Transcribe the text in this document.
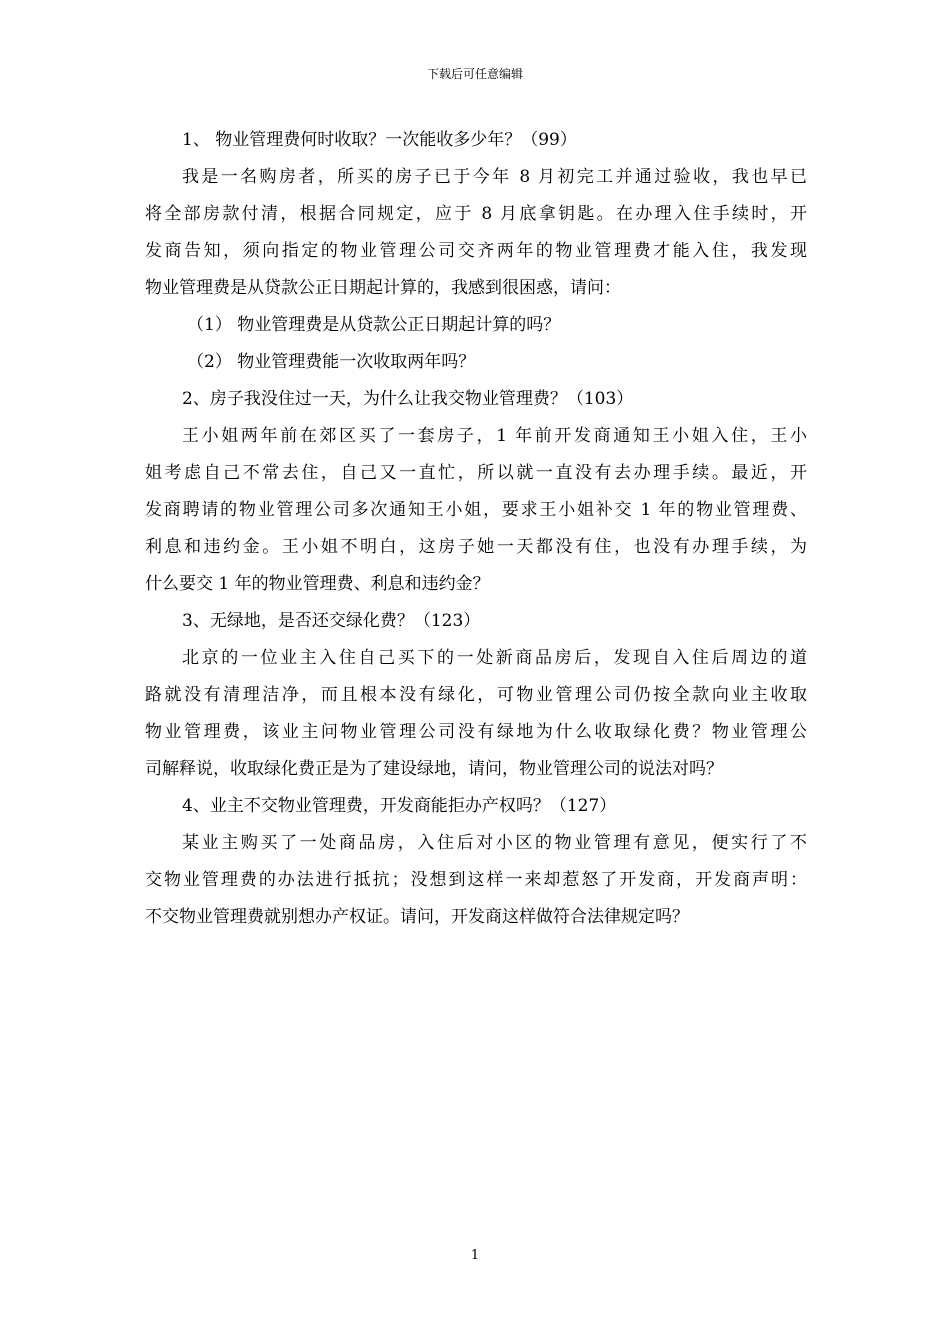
下载后可任意编辑
1、 物业管理费何时收取？一次能收多少年？（99）
我是一名购房者，所买的房子已于今年 8 月初完工并通过验收，我也早已
将全部房款付清，根据合同规定，应于 8 月底拿钥匙。在办理入住手续时，开
发商告知，须向指定的物业管理公司交齐两年的物业管理费才能入住，我发现
物业管理费是从贷款公正日期起计算的，我感到很困惑，请问：
（1） 物业管理费是从贷款公正日期起计算的吗？
（2） 物业管理费能一次收取两年吗？
2、房子我没住过一天，为什么让我交物业管理费？（103）
王小姐两年前在郊区买了一套房子，1 年前开发商通知王小姐入住，王小
姐考虑自己不常去住，自己又一直忙，所以就一直没有去办理手续。最近，开
发商聘请的物业管理公司多次通知王小姐，要求王小姐补交 1 年的物业管理费、
利息和违约金。王小姐不明白，这房子她一天都没有住，也没有办理手续，为
什么要交 1 年的物业管理费、利息和违约金？
3、无绿地，是否还交绿化费？（123）
北京的一位业主入住自己买下的一处新商品房后，发现自入住后周边的道
路就没有清理洁净，而且根本没有绿化，可物业管理公司仍按全款向业主收取
物业管理费，该业主问物业管理公司没有绿地为什么收取绿化费？物业管理公
司解释说，收取绿化费正是为了建设绿地，请问，物业管理公司的说法对吗？
4、业主不交物业管理费，开发商能拒办产权吗？（127）
某业主购买了一处商品房，入住后对小区的物业管理有意见，便实行了不
交物业管理费的办法进行抵抗；没想到这样一来却惹怒了开发商，开发商声明：
不交物业管理费就别想办产权证。请问，开发商这样做符合法律规定吗？
1
